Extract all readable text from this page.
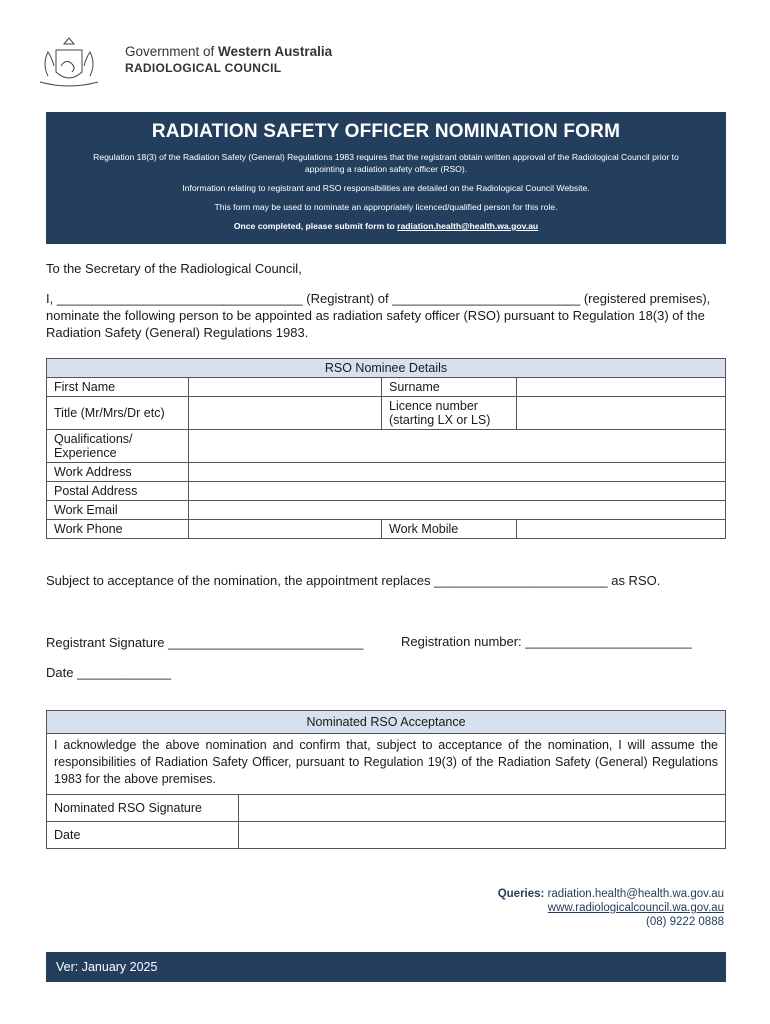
Government of Western Australia
RADIOLOGICAL COUNCIL
RADIATION SAFETY OFFICER NOMINATION FORM
Regulation 18(3) of the Radiation Safety (General) Regulations 1983 requires that the registrant obtain written approval of the Radiological Council prior to appointing a radiation safety officer (RSO).
Information relating to registrant and RSO responsibilities are detailed on the Radiological Council Website.
This form may be used to nominate an appropriately licenced/qualified person for this role.
Once completed, please submit form to radiation.health@health.wa.gov.au
To the Secretary of the Radiological Council,
I, __________________________________ (Registrant) of __________________________ (registered premises), nominate the following person to be appointed as radiation safety officer (RSO) pursuant to Regulation 18(3) of the Radiation Safety (General) Regulations 1983.
RSO Nominee Details			
First Name		Surname	
Title (Mr/Mrs/Dr etc)		Licence number (starting LX or LS)	
Qualifications/ Experience			
Work Address			
Postal Address			
Work Email			
Work Phone		Work Mobile	
Subject to acceptance of the nomination, the appointment replaces ________________________ as RSO.
Registrant Signature ___________________________	Registration number: _______________________
Date _____________
Nominated RSO Acceptance	
I acknowledge the above nomination and confirm that, subject to acceptance of the nomination, I will assume the responsibilities of Radiation Safety Officer, pursuant to Regulation 19(3) of the Radiation Safety (General) Regulations 1983 for the above premises.	
Nominated RSO Signature	
Date	
Queries: radiation.health@health.wa.gov.au
www.radiologicalcouncil.wa.gov.au
(08) 9222 0888
Ver: January 2025
